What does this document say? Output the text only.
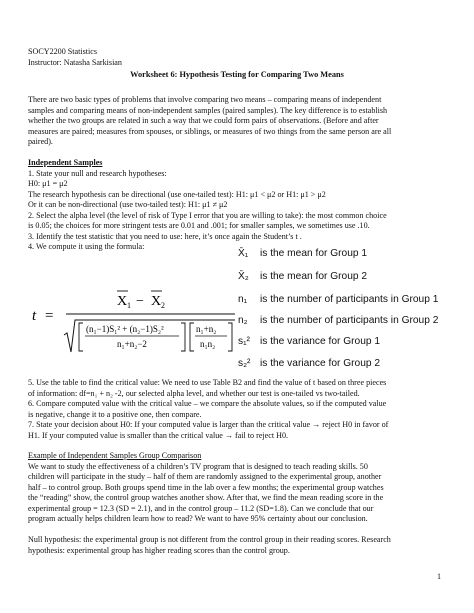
SOCY2200 Statistics
Instructor: Natasha Sarkisian
Worksheet 6: Hypothesis Testing for Comparing Two Means
There are two basic types of problems that involve comparing two means – comparing means of independent
samples and comparing means of non-independent samples (paired samples). The key difference is to establish
whether the two groups are related in such a way that we could form pairs of observations. (Before and after
measures are paired; measures from spouses, or siblings, or measures of two things from the same person are all
paired).
Independent Samples
1. State your null and research hypotheses:
H0: μ1 = μ2
The research hypothesis can be directional (use one-tailed test): H1: μ1 < μ2 or H1: μ1 > μ2
Or it can be non-directional (use two-tailed test): H1: μ1 ≠ μ2
2. Select the alpha level (the level of risk of Type I error that you are willing to take): the most common choice
is 0.05; the choices for more stringent tests are 0.01 and .001; for smaller samples, we sometimes use .10.
3. Identify the test statistic that you need to use: here, it’s once again the Student’s t .
4. We compute it using the formula:
t =
X 1 − X 2
(n₁−1)S₁² + (n₂−1)S₂²
n₁+n₂−2
n₁+n₂
n₁n₂
X̄₁ is the mean for Group 1
X̄₂ is the mean for Group 2
n₁ is the number of participants in Group 1
n₂ is the number of participants in Group 2
s₁² is the variance for Group 1
s₂² is the variance for Group 2
5. Use the table to find the critical value: We need to use Table B2 and find the value of t based on three pieces
of information: df=n₁ + n₂ -2, our selected alpha level, and whether our test is one-tailed vs two-tailed.
6. Compare computed value with the critical value – we compare the absolute values, so if the computed value
is negative, change it to a positive one, then compare.
7. State your decision about H0: If your computed value is larger than the critical value → reject H0 in favor of
H1. If your computed value is smaller than the critical value → fail to reject H0.
Example of Independent Samples Group Comparison
We want to study the effectiveness of a children’s TV program that is designed to teach reading skills. 50
children will participate in the study – half of them are randomly assigned to the experimental group, another
half – to control group. Both groups spend time in the lab over a few months; the experimental group watches
the “reading” show, the control group watches another show. After that, we find the mean reading score in the
experimental group = 12.3 (SD = 2.1), and in the control group – 11.2 (SD=1.8). Can we conclude that our
program actually helps children learn how to read? We want to have 95% certainty about our conclusion.
Null hypothesis: the experimental group is not different from the control group in their reading scores. Research
hypothesis: experimental group has higher reading scores than the control group.
1
